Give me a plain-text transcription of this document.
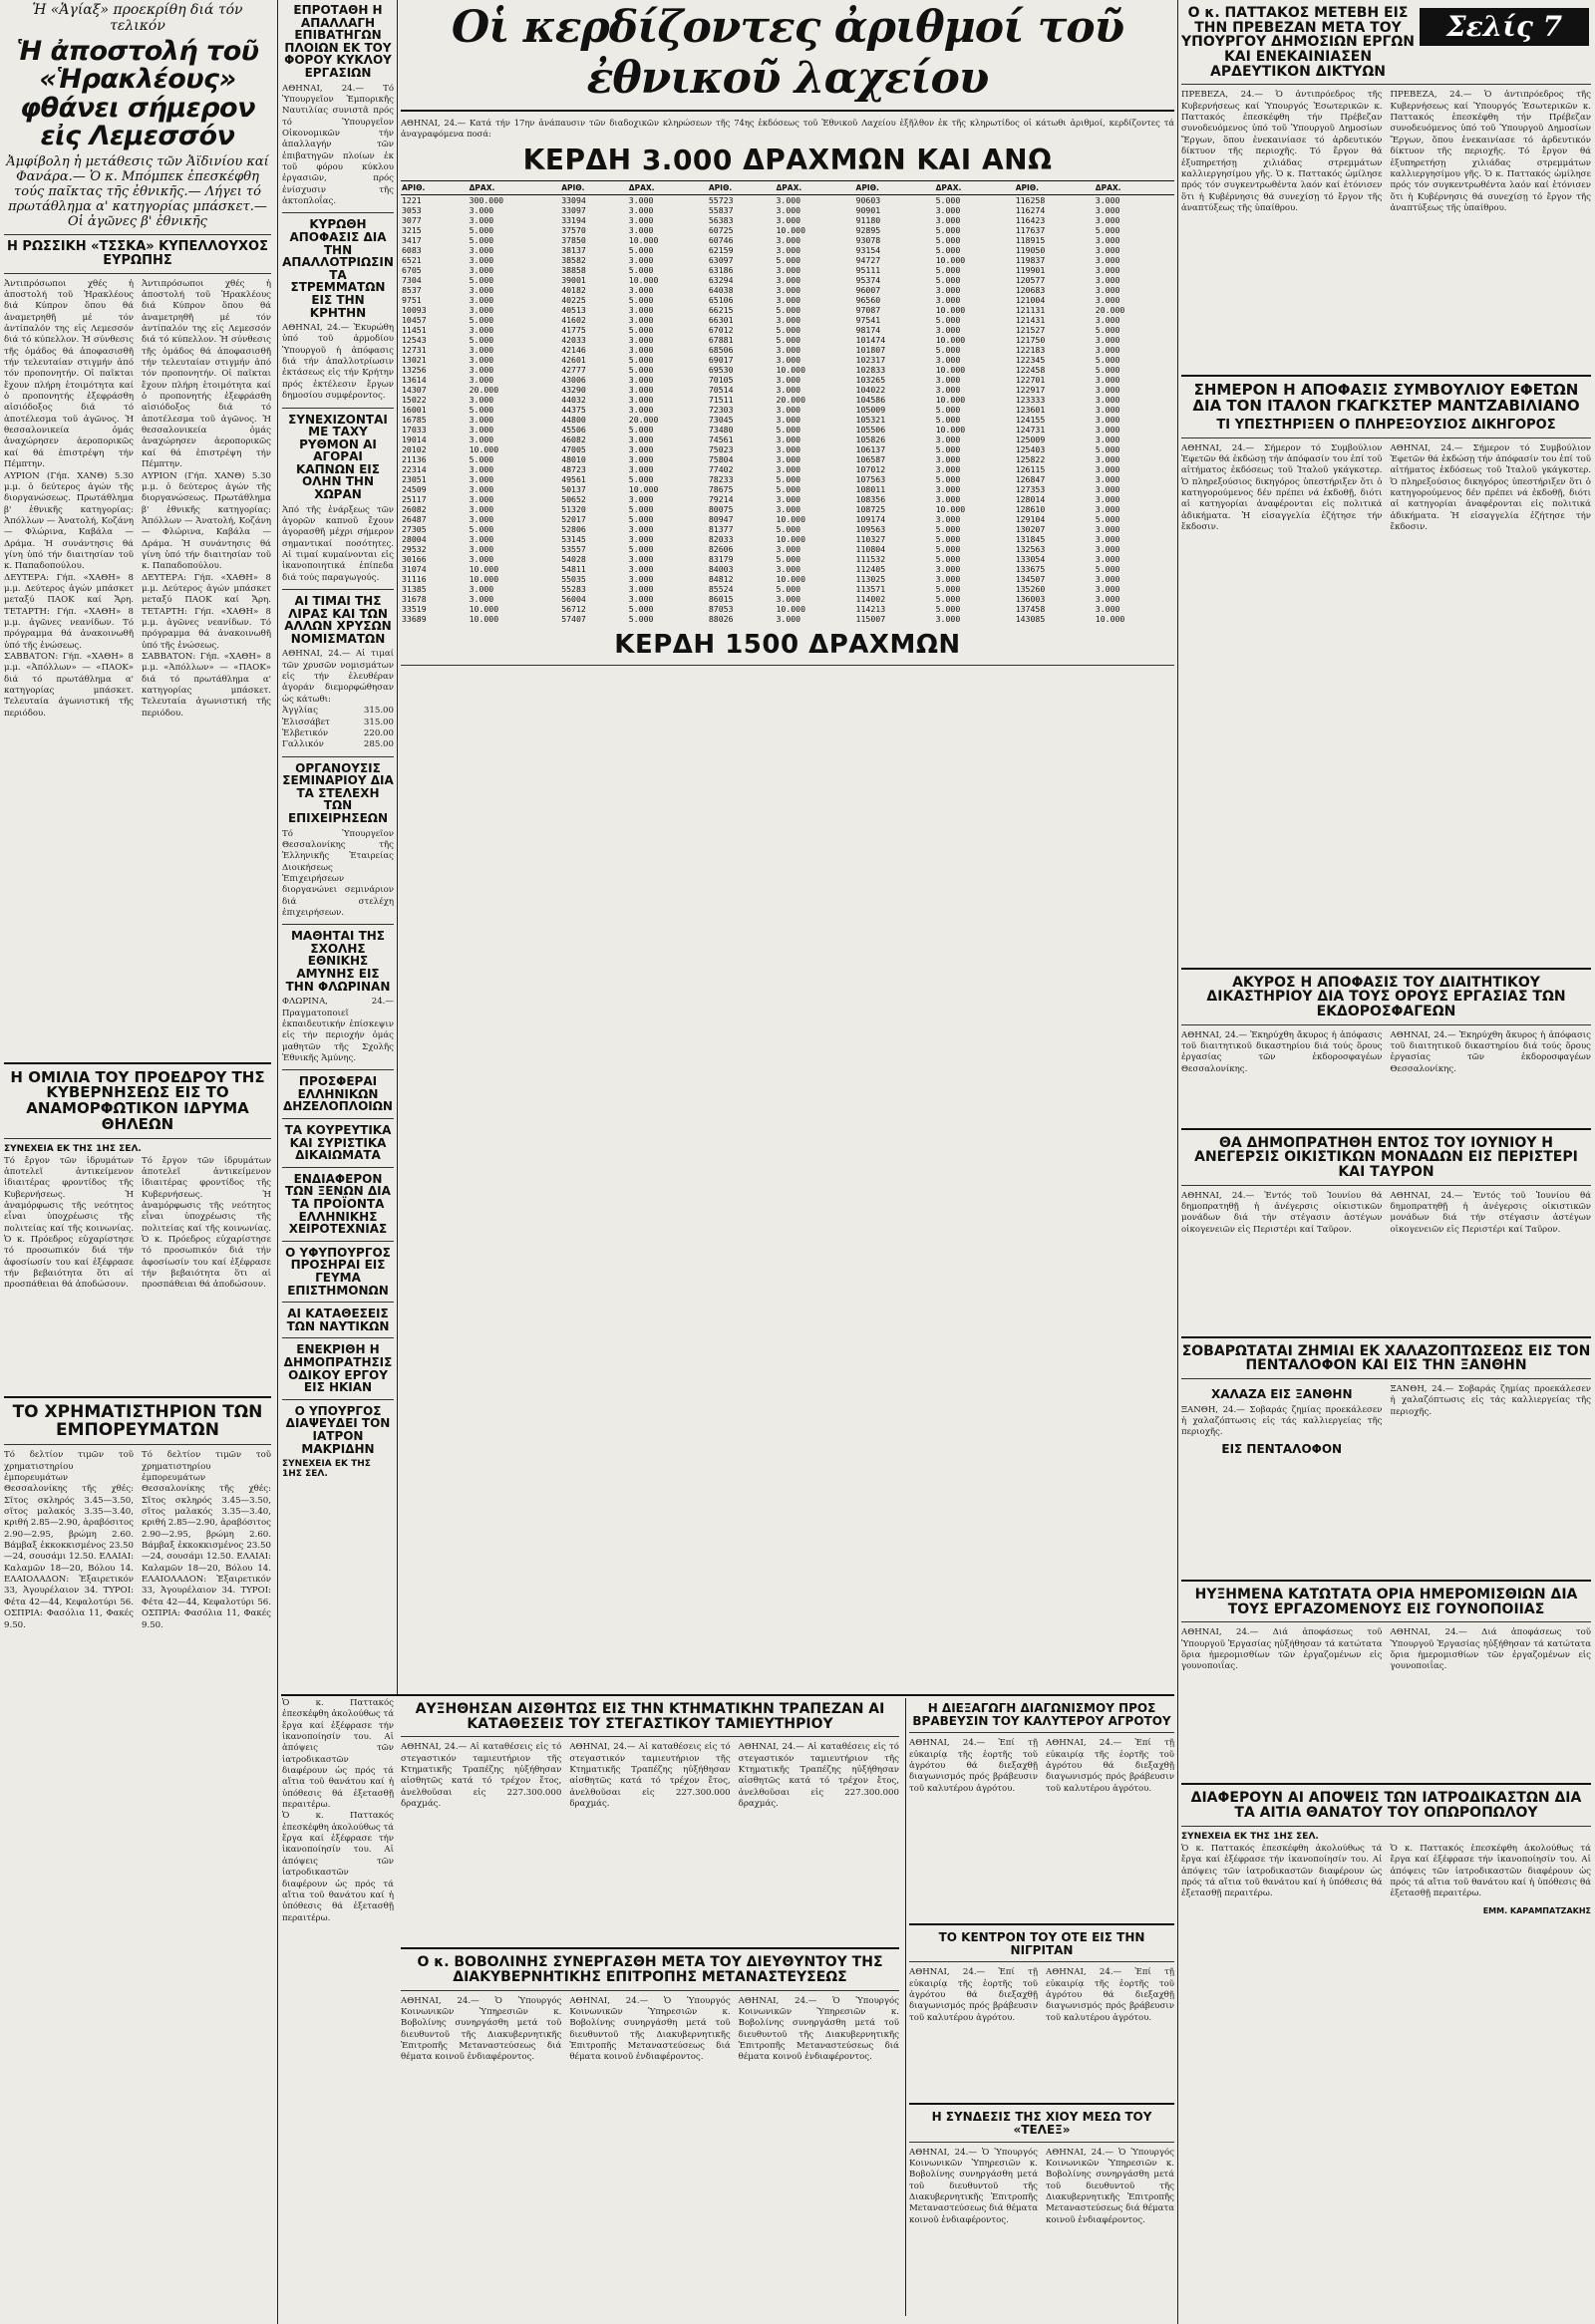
Ἡ «Ἁγίαξ» προεκρίθη διά τόν τελικόν
Ἡ ἀποστολή τοῦ «Ἡρακλέους» φθάνει σήμερον εἰς Λεμεσσόν
Ἀμφίβολη ἡ μετάθεσις τῶν Ἀϊδινίου καί Φανάρα.— Ὁ κ. Μπόμπεκ ἐπεσκέφθη τούς παῖκτας τῆς ἐθνικῆς.— Λήγει τό πρωτάθλημα α' κατηγορίας μπάσκετ.— Οἱ ἀγῶνες β' ἐθνικῆς
Η ΡΩΣΣΙΚΗ «ΤΣΣΚΑ» ΚΥΠΕΛΛΟΥΧΟΣ ΕΥΡΩΠΗΣ

Ἀντιπρόσωποι χθές ἡ ἀποστολή τοῦ Ἡρακλέους διά Κύπρον ὅπου θά ἀναμετρηθῆ μέ τόν ἀντίπαλόν της εἰς Λεμεσσόν διά τό κύπελλον. Ἡ σύνθεσις τῆς ὁμάδος θά ἀποφασισθῆ τήν τελευταίαν στιγμήν ἀπό τόν προπονητήν. Οἱ παῖκται ἔχουν πλήρη ἑτοιμότητα καί ὁ προπονητής ἐξεφράσθη αἰσιόδοξος διά τό ἀποτέλεσμα τοῦ ἀγῶνος. Ἡ θεσσαλονικεία ὁμάς ἀναχώρησεν ἀεροπορικῶς καί θά ἐπιστρέψη τήν Πέμπτην.

ΑΥΡΙΟΝ (Γήπ. ΧΑΝΘ) 5.30 μ.μ. ὁ δεύτερος ἀγών τῆς διοργανώσεως. Πρωτάθλημα β' ἐθνικῆς κατηγορίας: Ἀπόλλων — Ἀνατολή, Κοζάνη — Φλώρινα, Καβάλα — Δράμα. Ἡ συνάντησις θά γίνη ὑπό τήν διαιτησίαν τοῦ κ. Παπαδοπούλου.

ΔΕΥΤΕΡΑ: Γήπ. «ΧΑΘΗ» 8 μ.μ. Δεύτερος ἀγών μπάσκετ μεταξύ ΠΑΟΚ καί Ἄρη. ΤΕΤΑΡΤΗ: Γήπ. «ΧΑΘΗ» 8 μ.μ. ἀγῶνες νεανίδων. Τό πρόγραμμα θά ἀνακοινωθῆ ὑπό τῆς ἑνώσεως.

ΣΑΒΒΑΤΟΝ: Γήπ. «ΧΑΘΗ» 8 μ.μ. «Ἀπόλλων» — «ΠΑΟΚ» διά τό πρωτάθλημα α' κατηγορίας μπάσκετ. Τελευταία ἀγωνιστική τῆς περιόδου.

Ἀντιπρόσωποι χθές ἡ ἀποστολή τοῦ Ἡρακλέους διά Κύπρον ὅπου θά ἀναμετρηθῆ μέ τόν ἀντίπαλόν της εἰς Λεμεσσόν διά τό κύπελλον. Ἡ σύνθεσις τῆς ὁμάδος θά ἀποφασισθῆ τήν τελευταίαν στιγμήν ἀπό τόν προπονητήν. Οἱ παῖκται ἔχουν πλήρη ἑτοιμότητα καί ὁ προπονητής ἐξεφράσθη αἰσιόδοξος διά τό ἀποτέλεσμα τοῦ ἀγῶνος. Ἡ θεσσαλονικεία ὁμάς ἀναχώρησεν ἀεροπορικῶς καί θά ἐπιστρέψη τήν Πέμπτην.

ΑΥΡΙΟΝ (Γήπ. ΧΑΝΘ) 5.30 μ.μ. ὁ δεύτερος ἀγών τῆς διοργανώσεως. Πρωτάθλημα β' ἐθνικῆς κατηγορίας: Ἀπόλλων — Ἀνατολή, Κοζάνη — Φλώρινα, Καβάλα — Δράμα. Ἡ συνάντησις θά γίνη ὑπό τήν διαιτησίαν τοῦ κ. Παπαδοπούλου.

ΔΕΥΤΕΡΑ: Γήπ. «ΧΑΘΗ» 8 μ.μ. Δεύτερος ἀγών μπάσκετ μεταξύ ΠΑΟΚ καί Ἄρη. ΤΕΤΑΡΤΗ: Γήπ. «ΧΑΘΗ» 8 μ.μ. ἀγῶνες νεανίδων. Τό πρόγραμμα θά ἀνακοινωθῆ ὑπό τῆς ἑνώσεως.

ΣΑΒΒΑΤΟΝ: Γήπ. «ΧΑΘΗ» 8 μ.μ. «Ἀπόλλων» — «ΠΑΟΚ» διά τό πρωτάθλημα α' κατηγορίας μπάσκετ. Τελευταία ἀγωνιστική τῆς περιόδου.

Η ΟΜΙΛΙΑ ΤΟΥ ΠΡΟΕΔΡΟΥ ΤΗΣ ΚΥΒΕΡΝΗΣΕΩΣ ΕΙΣ ΤΟ ΑΝΑΜΟΡΦΩΤΙΚΟΝ ΙΔΡΥΜΑ ΘΗΛΕΩΝ
ΣΥΝΕΧΕΙΑ ΕΚ ΤΗΣ 1ΗΣ ΣΕΛ.

Τό ἔργον τῶν ἱδρυμάτων ἀποτελεῖ ἀντικείμενον ἰδιαιτέρας φροντίδος τῆς Κυβερνήσεως. Ἡ ἀναμόρφωσις τῆς νεότητος εἶναι ὑποχρέωσις τῆς πολιτείας καί τῆς κοινωνίας. Ὁ κ. Πρόεδρος εὐχαρίστησε τό προσωπικόν διά τήν ἀφοσίωσίν του καί ἐξέφρασε τήν βεβαιότητα ὅτι αἱ προσπάθειαι θά ἀποδώσουν.

Τό ἔργον τῶν ἱδρυμάτων ἀποτελεῖ ἀντικείμενον ἰδιαιτέρας φροντίδος τῆς Κυβερνήσεως. Ἡ ἀναμόρφωσις τῆς νεότητος εἶναι ὑποχρέωσις τῆς πολιτείας καί τῆς κοινωνίας. Ὁ κ. Πρόεδρος εὐχαρίστησε τό προσωπικόν διά τήν ἀφοσίωσίν του καί ἐξέφρασε τήν βεβαιότητα ὅτι αἱ προσπάθειαι θά ἀποδώσουν.

ΤΟ ΧΡΗΜΑΤΙΣΤΗΡΙΟΝ ΤΩΝ ΕΜΠΟΡΕΥΜΑΤΩΝ

Τό δελτίον τιμῶν τοῦ χρηματιστηρίου ἐμπορευμάτων Θεσσαλονίκης τῆς χθές: Σῖτος σκληρός 3.45—3.50, σῖτος μαλακός 3.35—3.40, κριθή 2.85—2.90, ἀραβόσιτος 2.90—2.95, βρώμη 2.60. Βάμβαξ ἐκκοκκισμένος 23.50—24, σουσάμι 12.50. ΕΛΑΙΑΙ: Καλαμῶν 18—20, Βόλου 14. ΕΛΑΙΟΛΑΔΟΝ: Ἐξαιρετικόν 33, Ἀγουρέλαιον 34. ΤΥΡΟΙ: Φέτα 42—44, Κεφαλοτύρι 56. ΟΣΠΡΙΑ: Φασόλια 11, Φακές 9.50.

Τό δελτίον τιμῶν τοῦ χρηματιστηρίου ἐμπορευμάτων Θεσσαλονίκης τῆς χθές: Σῖτος σκληρός 3.45—3.50, σῖτος μαλακός 3.35—3.40, κριθή 2.85—2.90, ἀραβόσιτος 2.90—2.95, βρώμη 2.60. Βάμβαξ ἐκκοκκισμένος 23.50—24, σουσάμι 12.50. ΕΛΑΙΑΙ: Καλαμῶν 18—20, Βόλου 14. ΕΛΑΙΟΛΑΔΟΝ: Ἐξαιρετικόν 33, Ἀγουρέλαιον 34. ΤΥΡΟΙ: Φέτα 42—44, Κεφαλοτύρι 56. ΟΣΠΡΙΑ: Φασόλια 11, Φακές 9.50.

ΕΠΡΟΤΑΘΗ Η ΑΠΑΛΛΑΓΗ ΕΠΙΒΑΤΗΓΩΝ ΠΛΟΙΩΝ ΕΚ ΤΟΥ ΦΟΡΟΥ ΚΥΚΛΟΥ ΕΡΓΑΣΙΩΝ

ΑΘΗΝΑΙ, 24.— Τό Ὑπουργεῖον Ἐμπορικῆς Ναυτιλίας συνιστᾶ πρός τό Ὑπουργεῖον Οἰκονομικῶν τήν ἀπαλλαγήν τῶν ἐπιβατηγῶν πλοίων ἐκ τοῦ φόρου κύκλου ἐργασιῶν, πρός ἐνίσχυσιν τῆς ἀκτοπλοΐας.

ΚΥΡΩΘΗ ΑΠΟΦΑΣΙΣ ΔΙΑ ΤΗΝ ΑΠΑΛΛΟΤΡΙΩΣΙΝ ΤΑ ΣΤΡΕΜΜΑΤΩΝ ΕΙΣ ΤΗΝ ΚΡΗΤΗΝ

ΑΘΗΝΑΙ, 24.— Ἐκυρώθη ὑπό τοῦ ἁρμοδίου Ὑπουργοῦ ἡ ἀπόφασις διά τήν ἀπαλλοτρίωσιν ἐκτάσεως εἰς τήν Κρήτην πρός ἐκτέλεσιν ἔργων δημοσίου συμφέροντος.

ΣΥΝΕΧΙΖΟΝΤΑΙ ΜΕ ΤΑΧΥ ΡΥΘΜΟΝ ΑΙ ΑΓΟΡΑΙ ΚΑΠΝΩΝ ΕΙΣ ΟΛΗΝ ΤΗΝ ΧΩΡΑΝ

Ἀπό τῆς ἐνάρξεως τῶν ἀγορῶν καπνοῦ ἔχουν ἀγορασθῆ μέχρι σήμερον σημαντικαί ποσότητες. Αἱ τιμαί κυμαίνονται εἰς ἱκανοποιητικά ἐπίπεδα διά τούς παραγωγούς.

ΑΙ ΤΙΜΑΙ ΤΗΣ ΛΙΡΑΣ ΚΑΙ ΤΩΝ ΑΛΛΩΝ ΧΡΥΣΩΝ ΝΟΜΙΣΜΑΤΩΝ

ΑΘΗΝΑΙ, 24.— Αἱ τιμαί τῶν χρυσῶν νομισμάτων εἰς τήν ἐλευθέραν ἀγοράν διεμορφώθησαν ὡς κάτωθι:

Ἀγγλίας	315.00
Ἐλισσάβετ	315.00
Ἐλβετικόν	220.00
Γαλλικόν	285.00
ΟΡΓΑΝΟΥΣΙΣ ΣΕΜΙΝΑΡΙΟΥ ΔΙΑ ΤΑ ΣΤΕΛΕΧΗ ΤΩΝ ΕΠΙΧΕΙΡΗΣΕΩΝ

Τό Ὑπουργεῖον Θεσσαλονίκης τῆς Ἑλληνικῆς Ἑταιρείας Διοικήσεως Ἐπιχειρήσεων διοργανώνει σεμινάριον διά στελέχη ἐπιχειρήσεων.

ΜΑΘΗΤΑΙ ΤΗΣ ΣΧΟΛΗΣ ΕΘΝΙΚΗΣ ΑΜΥΝΗΣ ΕΙΣ ΤΗΝ ΦΛΩΡΙΝΑΝ

ΦΛΩΡΙΝΑ, 24.— Πραγματοποιεῖ ἐκπαιδευτικήν ἐπίσκεψιν εἰς τήν περιοχήν ὁμάς μαθητῶν τῆς Σχολῆς Ἐθνικῆς Ἀμύνης.

ΠΡΟΣΦΕΡΑΙ ΕΛΛΗΝΙΚΩΝ ΔΗΖΕΛΟΠΛΟΙΩΝ
ΤΑ ΚΟΥΡΕΥΤΙΚΑ ΚΑΙ ΣΥΡΙΣΤΙΚΑ ΔΙΚΑΙΩΜΑΤΑ
ΕΝΔΙΑΦΕΡΟΝ ΤΩΝ ΞΕΝΩΝ ΔΙΑ ΤΑ ΠΡΟΪΟΝΤΑ ΕΛΛΗΝΙΚΗΣ ΧΕΙΡΟΤΕΧΝΙΑΣ
Ο ΥΦΥΠΟΥΡΓΟΣ ΠΡΟΣΗΡΑΙ ΕΙΣ ΓΕΥΜΑ ΕΠΙΣΤΗΜΟΝΩΝ
ΑΙ ΚΑΤΑΘΕΣΕΙΣ ΤΩΝ ΝΑΥΤΙΚΩΝ
ΕΝΕΚΡΙΘΗ Η ΔΗΜΟΠΡΑΤΗΣΙΣ ΟΔΙΚΟΥ ΕΡΓΟΥ ΕΙΣ ΗΚΙΑΝ
Ο ΥΠΟΥΡΓΟΣ ΔΙΑΨΕΥΔΕΙ ΤΟΝ ΙΑΤΡΟΝ ΜΑΚΡΙΔΗΝ
ΣΥΝΕΧΕΙΑ ΕΚ ΤΗΣ 1ΗΣ ΣΕΛ.
Οἱ κερδίζοντες ἀριθμοί τοῦ ἐθνικοῦ λαχείου

ΑΘΗΝΑΙ, 24.— Κατά τήν 17ην ἀνάπαυσιν τῶν διαδοχικῶν κληρώσεων τῆς 74ης ἐκδόσεως τοῦ Ἐθνικοῦ Λαχείου ἐξῆλθον ἐκ τῆς κληρωτίδος οἱ κάτωθι ἀριθμοί, κερδίζοντες τά ἀναγραφόμενα ποσά:

ΚΕΡΔΗ 3.000 ΔΡΑΧΜΩΝ ΚΑΙ ΑΝΩ
ΑΡΙΘ.	ΔΡΑΧ.	ΑΡΙΘ.	ΔΡΑΧ.	ΑΡΙΘ.	ΔΡΑΧ.	ΑΡΙΘ.	ΔΡΑΧ.	ΑΡΙΘ.	ΔΡΑΧ.
1221	300.000	33094	3.000	55723	3.000	90603	5.000	116258	3.000
3053	3.000	33097	3.000	55837	3.000	90901	3.000	116274	3.000
3077	3.000	33194	3.000	56383	3.000	91180	3.000	116423	3.000
3215	5.000	37570	3.000	60725	10.000	92895	5.000	117637	5.000
3417	5.000	37850	10.000	60746	3.000	93078	5.000	118915	3.000
6083	3.000	38137	5.000	62159	3.000	93154	5.000	119050	3.000
6521	3.000	38582	3.000	63097	5.000	94727	10.000	119837	3.000
6705	3.000	38858	5.000	63186	3.000	95111	5.000	119901	3.000
7304	5.000	39001	10.000	63294	3.000	95374	5.000	120577	3.000
8537	3.000	40182	3.000	64038	3.000	96007	3.000	120683	3.000
9751	3.000	40225	5.000	65106	3.000	96560	3.000	121004	3.000
10093	3.000	40513	3.000	66215	5.000	97087	10.000	121131	20.000
10457	5.000	41602	3.000	66301	3.000	97541	5.000	121431	3.000
11451	3.000	41775	5.000	67012	5.000	98174	3.000	121527	5.000
12543	5.000	42033	3.000	67881	5.000	101474	10.000	121750	3.000
12731	3.000	42146	3.000	68506	3.000	101807	5.000	122183	3.000
13021	3.000	42601	5.000	69017	3.000	102317	3.000	122345	5.000
13256	3.000	42777	5.000	69530	10.000	102833	10.000	122458	5.000
13614	3.000	43006	3.000	70105	3.000	103265	3.000	122701	3.000
14307	20.000	43290	3.000	70514	3.000	104022	3.000	122917	3.000
15022	3.000	44032	3.000	71511	20.000	104586	10.000	123333	3.000
16001	5.000	44375	3.000	72303	3.000	105009	5.000	123601	3.000
16785	3.000	44800	20.000	73045	3.000	105321	5.000	124155	3.000
17033	3.000	45506	5.000	73480	5.000	105506	10.000	124731	3.000
19014	3.000	46082	3.000	74561	3.000	105826	3.000	125009	3.000
20102	10.000	47005	3.000	75023	3.000	106137	5.000	125403	5.000
21136	5.000	48010	3.000	75804	3.000	106587	3.000	125822	3.000
22314	3.000	48723	3.000	77402	3.000	107012	3.000	126115	3.000
23051	3.000	49561	5.000	78233	5.000	107563	5.000	126847	3.000
24509	3.000	50137	10.000	78675	5.000	108011	3.000	127353	3.000
25117	3.000	50652	3.000	79214	3.000	108356	3.000	128014	3.000
26082	3.000	51320	5.000	80075	3.000	108725	10.000	128610	3.000
26487	3.000	52017	5.000	80947	10.000	109174	3.000	129104	5.000
27305	5.000	52806	3.000	81377	5.000	109563	5.000	130207	3.000
28004	3.000	53145	3.000	82033	10.000	110327	5.000	131845	3.000
29532	3.000	53557	5.000	82606	3.000	110804	5.000	132563	3.000
30166	3.000	54028	3.000	83179	5.000	111532	5.000	133054	3.000
31074	10.000	54811	3.000	84003	3.000	112405	3.000	133675	5.000
31116	10.000	55035	3.000	84812	10.000	113025	3.000	134507	3.000
31385	3.000	55283	3.000	85524	5.000	113571	5.000	135260	3.000
31678	3.000	56004	3.000	86015	3.000	114002	5.000	136003	3.000
33519	10.000	56712	5.000	87053	10.000	114213	5.000	137458	3.000
33689	10.000	57407	5.000	88026	3.000	115007	3.000	143085	10.000
ΚΕΡΔΗ 1500 ΔΡΑΧΜΩΝ
Σελίς 7
Ο κ. ΠΑΤΤΑΚΟΣ ΜΕΤΕΒΗ ΕΙΣ ΤΗΝ ΠΡΕΒΕΖΑΝ ΜΕΤΑ ΤΟΥ ΥΠΟΥΡΓΟΥ ΔΗΜΟΣΙΩΝ ΕΡΓΩΝ ΚΑΙ ΕΝΕΚΑΙΝΙΑΣΕΝ ΑΡΔΕΥΤΙΚΟΝ ΔΙΚΤΥΩΝ

ΠΡΕΒΕΖΑ, 24.— Ὁ ἀντιπρόεδρος τῆς Κυβερνήσεως καί Ὑπουργός Ἐσωτερικῶν κ. Παττακός ἐπεσκέφθη τήν Πρέβεζαν συνοδευόμενος ὑπό τοῦ Ὑπουργοῦ Δημοσίων Ἔργων, ὅπου ἐνεκαινίασε τό ἀρδευτικόν δίκτυον τῆς περιοχῆς. Τό ἔργον θά ἐξυπηρετήσῃ χιλιάδας στρεμμάτων καλλιεργησίμου γῆς. Ὁ κ. Παττακός ὡμίλησε πρός τόν συγκεντρωθέντα λαόν καί ἐτόνισεν ὅτι ἡ Κυβέρνησις θά συνεχίσῃ τό ἔργον τῆς ἀναπτύξεως τῆς ὑπαίθρου.

ΠΡΕΒΕΖΑ, 24.— Ὁ ἀντιπρόεδρος τῆς Κυβερνήσεως καί Ὑπουργός Ἐσωτερικῶν κ. Παττακός ἐπεσκέφθη τήν Πρέβεζαν συνοδευόμενος ὑπό τοῦ Ὑπουργοῦ Δημοσίων Ἔργων, ὅπου ἐνεκαινίασε τό ἀρδευτικόν δίκτυον τῆς περιοχῆς. Τό ἔργον θά ἐξυπηρετήσῃ χιλιάδας στρεμμάτων καλλιεργησίμου γῆς. Ὁ κ. Παττακός ὡμίλησε πρός τόν συγκεντρωθέντα λαόν καί ἐτόνισεν ὅτι ἡ Κυβέρνησις θά συνεχίσῃ τό ἔργον τῆς ἀναπτύξεως τῆς ὑπαίθρου.

ΣΗΜΕΡΟΝ Η ΑΠΟΦΑΣΙΣ ΣΥΜΒΟΥΛΙΟΥ ΕΦΕΤΩΝ ΔΙΑ ΤΟΝ ΙΤΑΛΟΝ ΓΚΑΓΚΣΤΕΡ ΜΑΝΤΖΑΒΙΛΙΑΝΟ
ΤΙ ΥΠΕΣΤΗΡΙΞΕΝ Ο ΠΛΗΡΕΞΟΥΣΙΟΣ ΔΙΚΗΓΟΡΟΣ

ΑΘΗΝΑΙ, 24.— Σήμερον τό Συμβούλιον Ἐφετῶν θά ἐκδώσῃ τήν ἀπόφασίν του ἐπί τοῦ αἰτήματος ἐκδόσεως τοῦ Ἰταλοῦ γκάγκστερ. Ὁ πληρεξούσιος δικηγόρος ὑπεστήριξεν ὅτι ὁ κατηγορούμενος δέν πρέπει νά ἐκδοθῇ, διότι αἱ κατηγορίαι ἀναφέρονται εἰς πολιτικά ἀδικήματα. Ἡ εἰσαγγελία ἐζήτησε τήν ἔκδοσιν.

ΑΘΗΝΑΙ, 24.— Σήμερον τό Συμβούλιον Ἐφετῶν θά ἐκδώσῃ τήν ἀπόφασίν του ἐπί τοῦ αἰτήματος ἐκδόσεως τοῦ Ἰταλοῦ γκάγκστερ. Ὁ πληρεξούσιος δικηγόρος ὑπεστήριξεν ὅτι ὁ κατηγορούμενος δέν πρέπει νά ἐκδοθῇ, διότι αἱ κατηγορίαι ἀναφέρονται εἰς πολιτικά ἀδικήματα. Ἡ εἰσαγγελία ἐζήτησε τήν ἔκδοσιν.

ΑΚΥΡΟΣ Η ΑΠΟΦΑΣΙΣ ΤΟΥ ΔΙΑΙΤΗΤΙΚΟΥ ΔΙΚΑΣΤΗΡΙΟΥ ΔΙΑ ΤΟΥΣ ΟΡΟΥΣ ΕΡΓΑΣΙΑΣ ΤΩΝ ΕΚΔΟΡΟΣΦΑΓΕΩΝ

ΑΘΗΝΑΙ, 24.— Ἐκηρύχθη ἄκυρος ἡ ἀπόφασις τοῦ διαιτητικοῦ δικαστηρίου διά τούς ὅρους ἐργασίας τῶν ἐκδοροσφαγέων Θεσσαλονίκης.

ΑΘΗΝΑΙ, 24.— Ἐκηρύχθη ἄκυρος ἡ ἀπόφασις τοῦ διαιτητικοῦ δικαστηρίου διά τούς ὅρους ἐργασίας τῶν ἐκδοροσφαγέων Θεσσαλονίκης.

ΘΑ ΔΗΜΟΠΡΑΤΗΘΗ ΕΝΤΟΣ ΤΟΥ ΙΟΥΝΙΟΥ Η ΑΝΕΓΕΡΣΙΣ ΟΙΚΙΣΤΙΚΩΝ ΜΟΝΑΔΩΝ ΕΙΣ ΠΕΡΙΣΤΕΡΙ ΚΑΙ ΤΑΥΡΟΝ

ΑΘΗΝΑΙ, 24.— Ἐντός τοῦ Ἰουνίου θά δημοπρατηθῇ ἡ ἀνέγερσις οἰκιστικῶν μονάδων διά τήν στέγασιν ἀστέγων οἰκογενειῶν εἰς Περιστέρι καί Ταῦρον.

ΑΘΗΝΑΙ, 24.— Ἐντός τοῦ Ἰουνίου θά δημοπρατηθῇ ἡ ἀνέγερσις οἰκιστικῶν μονάδων διά τήν στέγασιν ἀστέγων οἰκογενειῶν εἰς Περιστέρι καί Ταῦρον.

ΣΟΒΑΡΩΤΑΤΑΙ ΖΗΜΙΑΙ ΕΚ ΧΑΛΑΖΟΠΤΩΣΕΩΣ ΕΙΣ ΤΟΝ ΠΕΝΤΑΛΟΦΟΝ ΚΑΙ ΕΙΣ ΤΗΝ ΞΑΝΘΗΝ
ΧΑΛΑΖΑ ΕΙΣ ΞΑΝΘΗΝ

ΞΑΝΘΗ, 24.— Σοβαράς ζημίας προεκάλεσεν ἡ χαλαζόπτωσις εἰς τάς καλλιεργείας τῆς περιοχῆς.

ΕΙΣ ΠΕΝΤΑΛΟΦΟΝ

ΞΑΝΘΗ, 24.— Σοβαράς ζημίας προεκάλεσεν ἡ χαλαζόπτωσις εἰς τάς καλλιεργείας τῆς περιοχῆς.

ΗΥΞΗΜΕΝΑ ΚΑΤΩΤΑΤΑ ΟΡΙΑ ΗΜΕΡΟΜΙΣΘΙΩΝ ΔΙΑ ΤΟΥΣ ΕΡΓΑΖΟΜΕΝΟΥΣ ΕΙΣ ΓΟΥΝΟΠΟΙΙΑΣ

ΑΘΗΝΑΙ, 24.— Διά ἀποφάσεως τοῦ Ὑπουργοῦ Ἐργασίας ηὐξήθησαν τά κατώτατα ὅρια ἡμερομισθίων τῶν ἐργαζομένων εἰς γουνοποιΐας.

ΑΘΗΝΑΙ, 24.— Διά ἀποφάσεως τοῦ Ὑπουργοῦ Ἐργασίας ηὐξήθησαν τά κατώτατα ὅρια ἡμερομισθίων τῶν ἐργαζομένων εἰς γουνοποιΐας.

ΔΙΑΦΕΡΟΥΝ ΑΙ ΑΠΟΨΕΙΣ ΤΩΝ ΙΑΤΡΟΔΙΚΑΣΤΩΝ ΔΙΑ ΤΑ ΑΙΤΙΑ ΘΑΝΑΤΟΥ ΤΟΥ ΟΠΩΡΟΠΩΛΟΥ
ΣΥΝΕΧΕΙΑ ΕΚ ΤΗΣ 1ΗΣ ΣΕΛ.

Ὁ κ. Παττακός ἐπεσκέφθη ἀκολούθως τά ἔργα καί ἐξέφρασε τήν ἱκανοποίησίν του. Αἱ ἀπόψεις τῶν ἰατροδικαστῶν διαφέρουν ὡς πρός τά αἴτια τοῦ θανάτου καί ἡ ὑπόθεσις θά ἐξετασθῇ περαιτέρω.

Ὁ κ. Παττακός ἐπεσκέφθη ἀκολούθως τά ἔργα καί ἐξέφρασε τήν ἱκανοποίησίν του. Αἱ ἀπόψεις τῶν ἰατροδικαστῶν διαφέρουν ὡς πρός τά αἴτια τοῦ θανάτου καί ἡ ὑπόθεσις θά ἐξετασθῇ περαιτέρω.

ΕΜΜ. ΚΑΡΑΜΠΑΤΖΑΚΗΣ

Ὁ κ. Παττακός ἐπεσκέφθη ἀκολούθως τά ἔργα καί ἐξέφρασε τήν ἱκανοποίησίν του. Αἱ ἀπόψεις τῶν ἰατροδικαστῶν διαφέρουν ὡς πρός τά αἴτια τοῦ θανάτου καί ἡ ὑπόθεσις θά ἐξετασθῇ περαιτέρω.

Ὁ κ. Παττακός ἐπεσκέφθη ἀκολούθως τά ἔργα καί ἐξέφρασε τήν ἱκανοποίησίν του. Αἱ ἀπόψεις τῶν ἰατροδικαστῶν διαφέρουν ὡς πρός τά αἴτια τοῦ θανάτου καί ἡ ὑπόθεσις θά ἐξετασθῇ περαιτέρω.

ΑΥΞΗΘΗΣΑΝ ΑΙΣΘΗΤΩΣ ΕΙΣ ΤΗΝ ΚΤΗΜΑΤΙΚΗΝ ΤΡΑΠΕΖΑΝ ΑΙ ΚΑΤΑΘΕΣΕΙΣ ΤΟΥ ΣΤΕΓΑΣΤΙΚΟΥ ΤΑΜΙΕΥΤΗΡΙΟΥ

ΑΘΗΝΑΙ, 24.— Αἱ καταθέσεις εἰς τό στεγαστικόν ταμιευτήριον τῆς Κτηματικῆς Τραπέζης ηὐξήθησαν αἰσθητῶς κατά τό τρέχον ἔτος, ἀνελθοῦσαι εἰς 227.300.000 δραχμάς.

ΑΘΗΝΑΙ, 24.— Αἱ καταθέσεις εἰς τό στεγαστικόν ταμιευτήριον τῆς Κτηματικῆς Τραπέζης ηὐξήθησαν αἰσθητῶς κατά τό τρέχον ἔτος, ἀνελθοῦσαι εἰς 227.300.000 δραχμάς.

ΑΘΗΝΑΙ, 24.— Αἱ καταθέσεις εἰς τό στεγαστικόν ταμιευτήριον τῆς Κτηματικῆς Τραπέζης ηὐξήθησαν αἰσθητῶς κατά τό τρέχον ἔτος, ἀνελθοῦσαι εἰς 227.300.000 δραχμάς.

Ο κ. ΒΟΒΟΛΙΝΗΣ ΣΥΝΕΡΓΑΣΘΗ ΜΕΤΑ ΤΟΥ ΔΙΕΥΘΥΝΤΟΥ ΤΗΣ ΔΙΑΚΥΒΕΡΝΗΤΙΚΗΣ ΕΠΙΤΡΟΠΗΣ ΜΕΤΑΝΑΣΤΕΥΣΕΩΣ

ΑΘΗΝΑΙ, 24.— Ὁ Ὑπουργός Κοινωνικῶν Ὑπηρεσιῶν κ. Βοβολίνης συνηργάσθη μετά τοῦ διευθυντοῦ τῆς Διακυβερνητικῆς Ἐπιτροπῆς Μεταναστεύσεως διά θέματα κοινοῦ ἐνδιαφέροντος.

ΑΘΗΝΑΙ, 24.— Ὁ Ὑπουργός Κοινωνικῶν Ὑπηρεσιῶν κ. Βοβολίνης συνηργάσθη μετά τοῦ διευθυντοῦ τῆς Διακυβερνητικῆς Ἐπιτροπῆς Μεταναστεύσεως διά θέματα κοινοῦ ἐνδιαφέροντος.

ΑΘΗΝΑΙ, 24.— Ὁ Ὑπουργός Κοινωνικῶν Ὑπηρεσιῶν κ. Βοβολίνης συνηργάσθη μετά τοῦ διευθυντοῦ τῆς Διακυβερνητικῆς Ἐπιτροπῆς Μεταναστεύσεως διά θέματα κοινοῦ ἐνδιαφέροντος.

Η ΔΙΕΞΑΓΩΓΗ ΔΙΑΓΩΝΙΣΜΟΥ ΠΡΟΣ ΒΡΑΒΕΥΣΙΝ ΤΟΥ ΚΑΛΥΤΕΡΟΥ ΑΓΡΟΤΟΥ

ΑΘΗΝΑΙ, 24.— Ἐπί τῇ εὐκαιρίᾳ τῆς ἑορτῆς τοῦ ἀγρότου θά διεξαχθῇ διαγωνισμός πρός βράβευσιν τοῦ καλυτέρου ἀγρότου.

ΑΘΗΝΑΙ, 24.— Ἐπί τῇ εὐκαιρίᾳ τῆς ἑορτῆς τοῦ ἀγρότου θά διεξαχθῇ διαγωνισμός πρός βράβευσιν τοῦ καλυτέρου ἀγρότου.

ΤΟ ΚΕΝΤΡΟΝ ΤΟΥ ΟΤΕ ΕΙΣ ΤΗΝ ΝΙΓΡΙΤΑΝ

ΑΘΗΝΑΙ, 24.— Ἐπί τῇ εὐκαιρίᾳ τῆς ἑορτῆς τοῦ ἀγρότου θά διεξαχθῇ διαγωνισμός πρός βράβευσιν τοῦ καλυτέρου ἀγρότου.

ΑΘΗΝΑΙ, 24.— Ἐπί τῇ εὐκαιρίᾳ τῆς ἑορτῆς τοῦ ἀγρότου θά διεξαχθῇ διαγωνισμός πρός βράβευσιν τοῦ καλυτέρου ἀγρότου.

Η ΣΥΝΔΕΣΙΣ ΤΗΣ ΧΙΟΥ ΜΕΣΩ ΤΟΥ «ΤΕΛΕΞ»

ΑΘΗΝΑΙ, 24.— Ὁ Ὑπουργός Κοινωνικῶν Ὑπηρεσιῶν κ. Βοβολίνης συνηργάσθη μετά τοῦ διευθυντοῦ τῆς Διακυβερνητικῆς Ἐπιτροπῆς Μεταναστεύσεως διά θέματα κοινοῦ ἐνδιαφέροντος.

ΑΘΗΝΑΙ, 24.— Ὁ Ὑπουργός Κοινωνικῶν Ὑπηρεσιῶν κ. Βοβολίνης συνηργάσθη μετά τοῦ διευθυντοῦ τῆς Διακυβερνητικῆς Ἐπιτροπῆς Μεταναστεύσεως διά θέματα κοινοῦ ἐνδιαφέροντος.
